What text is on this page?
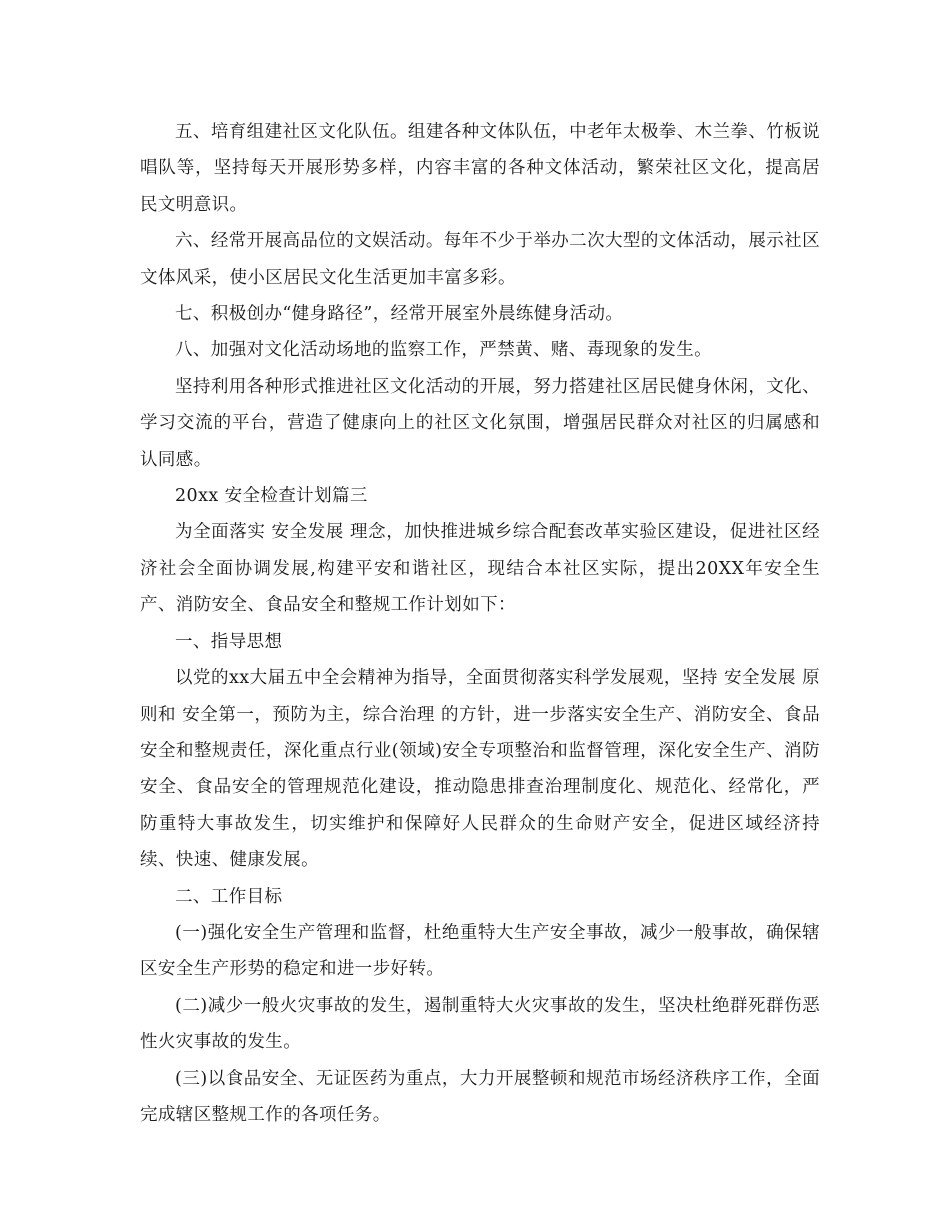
五、培育组建社区文化队伍。组建各种文体队伍，中老年太极拳、木兰拳、竹板说唱队等，坚持每天开展形势多样，内容丰富的各种文体活动，繁荣社区文化，提高居民文明意识。

六、经常开展高品位的文娱活动。每年不少于举办二次大型的文体活动，展示社区文体风采，使小区居民文化生活更加丰富多彩。

七、积极创办“健身路径”，经常开展室外晨练健身活动。

八、加强对文化活动场地的监察工作，严禁黄、赌、毒现象的发生。

坚持利用各种形式推进社区文化活动的开展，努力搭建社区居民健身休闲，文化、学习交流的平台，营造了健康向上的社区文化氛围，增强居民群众对社区的归属感和认同感。

20xx 安全检查计划篇三

为全面落实 安全发展 理念，加快推进城乡综合配套改革实验区建设，促进社区经济社会全面协调发展,构建平安和谐社区，现结合本社区实际，提出20XX年安全生产、消防安全、食品安全和整规工作计划如下：

一、指导思想

以党的xx大届五中全会精神为指导，全面贯彻落实科学发展观，坚持 安全发展 原则和 安全第一，预防为主，综合治理 的方针，进一步落实安全生产、消防安全、食品安全和整规责任，深化重点行业(领域)安全专项整治和监督管理，深化安全生产、消防安全、食品安全的管理规范化建设，推动隐患排查治理制度化、规范化、经常化，严防重特大事故发生，切实维护和保障好人民群众的生命财产安全，促进区域经济持续、快速、健康发展。

二、工作目标

(一)强化安全生产管理和监督，杜绝重特大生产安全事故，减少一般事故，确保辖区安全生产形势的稳定和进一步好转。

(二)减少一般火灾事故的发生，遏制重特大火灾事故的发生，坚决杜绝群死群伤恶性火灾事故的发生。

(三)以食品安全、无证医药为重点，大力开展整顿和规范市场经济秩序工作，全面完成辖区整规工作的各项任务。
